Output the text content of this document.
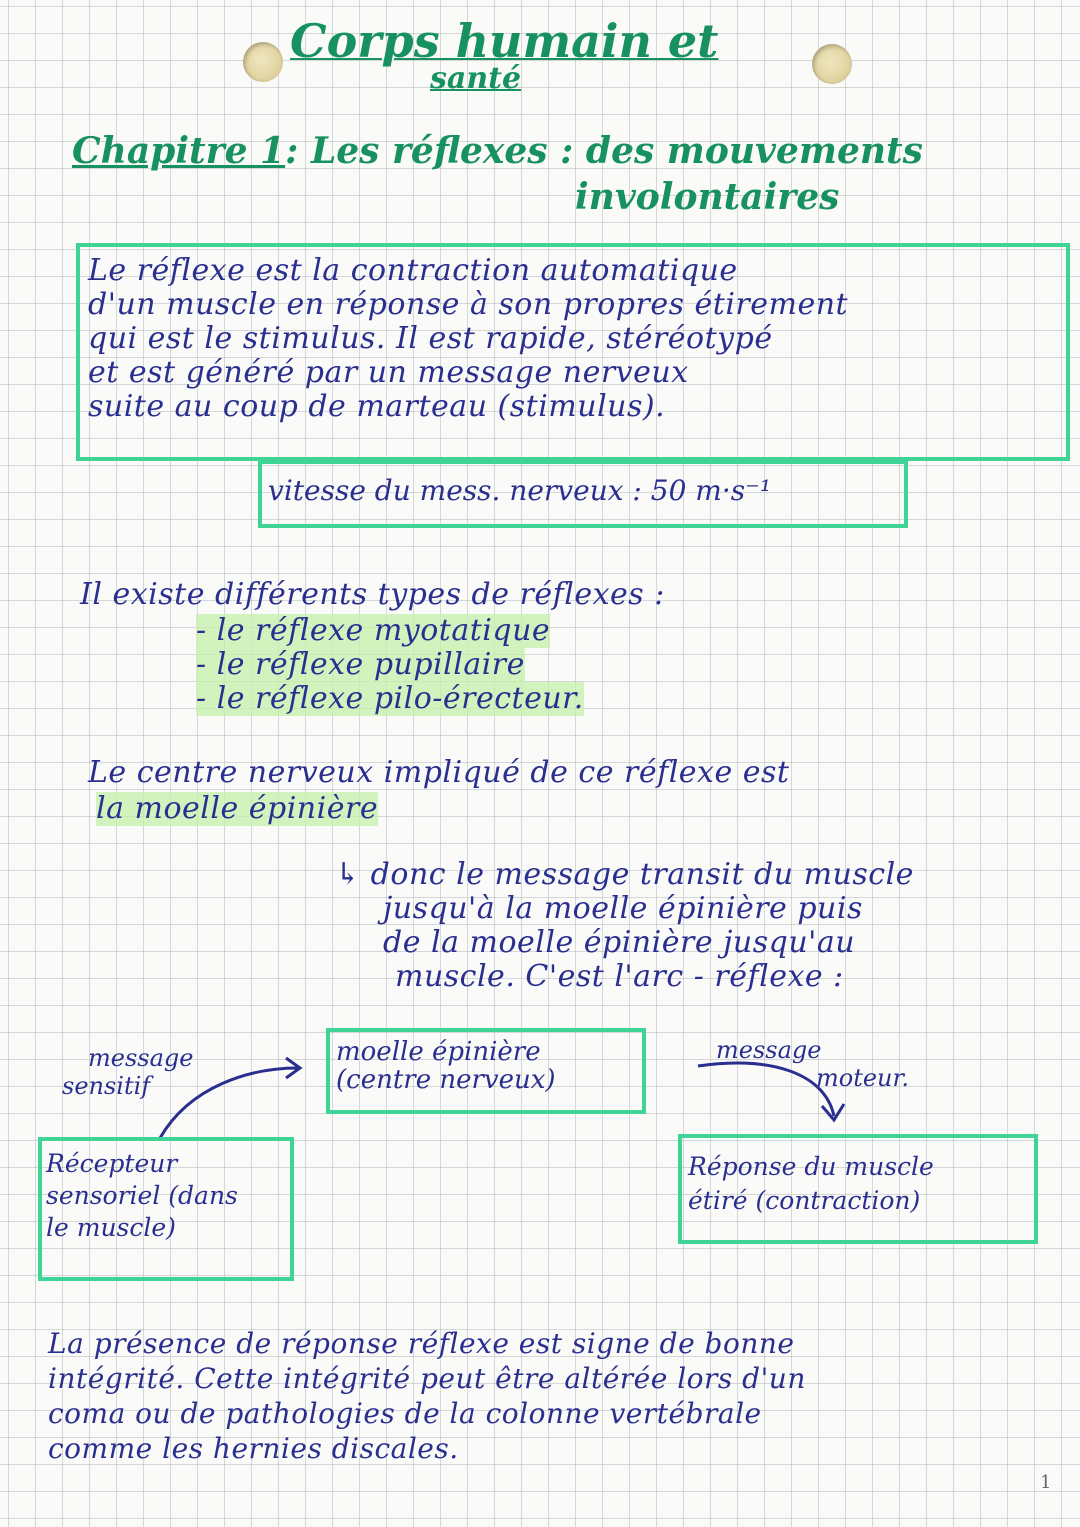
Corps humain et
santé
Chapitre 1: Les réflexes : des mouvements
involontaires
Le réflexe est la contraction automatique
d'un muscle en réponse à son propres étirement
qui est le stimulus. Il est rapide, stéréotypé
et est généré par un message nerveux
suite au coup de marteau (stimulus).
vitesse du mess. nerveux : 50 m·s⁻¹
Il existe différents types de réflexes :
- le réflexe myotatique
- le réflexe pupillaire
- le réflexe pilo-érecteur.
Le centre nerveux impliqué de ce réflexe est
la moelle épinière
↳ donc le message transit du muscle
jusqu'à la moelle épinière puis
de la moelle épinière jusqu'au
muscle. C'est l'arc - réflexe :
moelle épinière
(centre nerveux)
message
sensitif
message
moteur.
Récepteur
sensoriel (dans
le muscle)
Réponse du muscle
étiré (contraction)
La présence de réponse réflexe est signe de bonne
intégrité. Cette intégrité peut être altérée lors d'un
coma ou de pathologies de la colonne vertébrale
comme les hernies discales.
1
